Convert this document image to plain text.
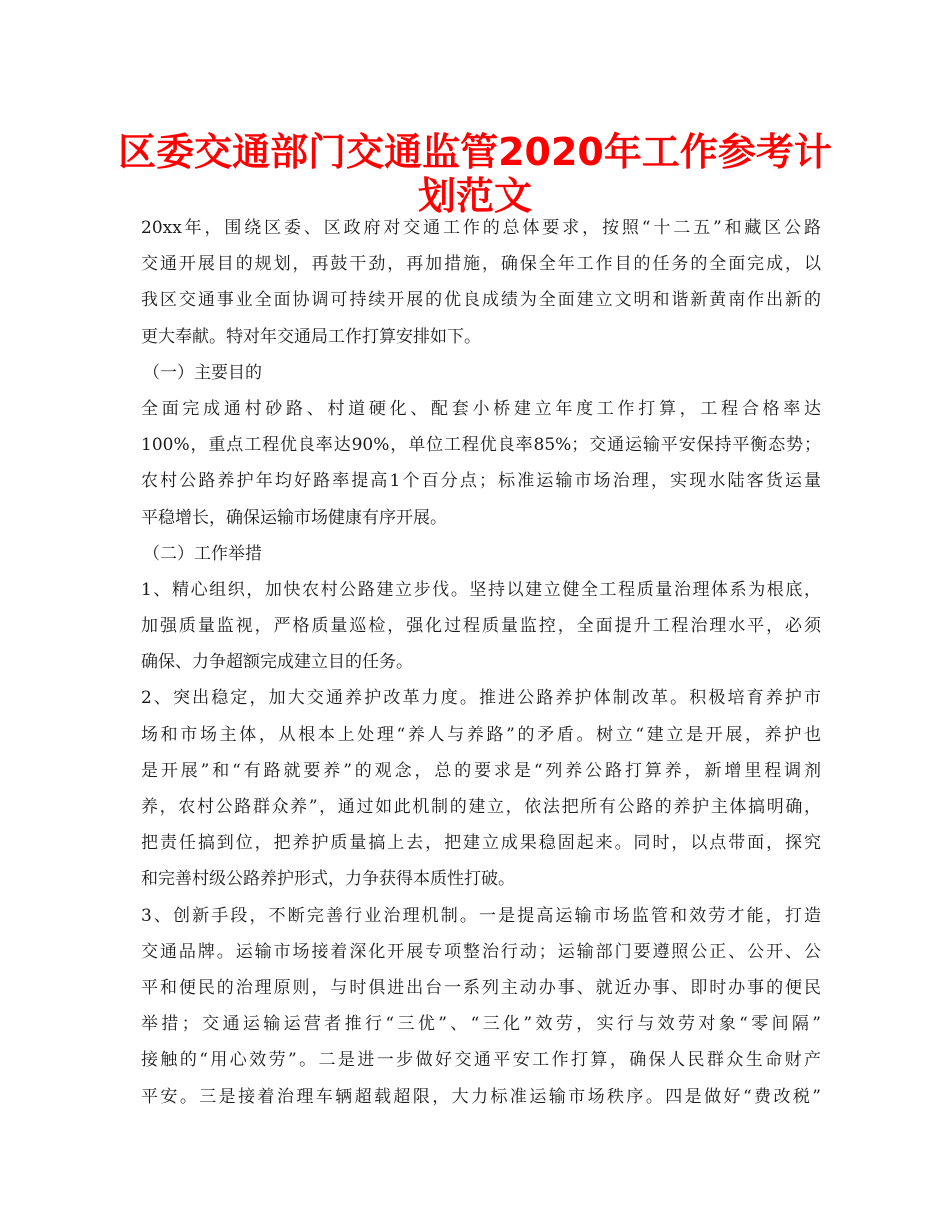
区委交通部门交通监管2020年工作参考计
划范文
20xx年，围绕区委、区政府对交通工作的总体要求，按照“十二五”和藏区公路
交通开展目的规划，再鼓干劲，再加措施，确保全年工作目的任务的全面完成，以
我区交通事业全面协调可持续开展的优良成绩为全面建立文明和谐新黄南作出新的
更大奉献。特对年交通局工作打算安排如下。
（一）主要目的
全面完成通村砂路、村道硬化、配套小桥建立年度工作打算，工程合格率达
100%，重点工程优良率达90%，单位工程优良率85%；交通运输平安保持平衡态势；
农村公路养护年均好路率提高1个百分点；标准运输市场治理，实现水陆客货运量
平稳增长，确保运输市场健康有序开展。
（二）工作举措
1、精心组织，加快农村公路建立步伐。坚持以建立健全工程质量治理体系为根底，
加强质量监视，严格质量巡检，强化过程质量监控，全面提升工程治理水平，必须
确保、力争超额完成建立目的任务。
2、突出稳定，加大交通养护改革力度。推进公路养护体制改革。积极培育养护市
场和市场主体，从根本上处理“养人与养路”的矛盾。树立“建立是开展，养护也
是开展”和“有路就要养”的观念，总的要求是“列养公路打算养，新增里程调剂
养，农村公路群众养”，通过如此机制的建立，依法把所有公路的养护主体搞明确，
把责任搞到位，把养护质量搞上去，把建立成果稳固起来。同时，以点带面，探究
和完善村级公路养护形式，力争获得本质性打破。
3、创新手段，不断完善行业治理机制。一是提高运输市场监管和效劳才能，打造
交通品牌。运输市场接着深化开展专项整治行动；运输部门要遵照公正、公开、公
平和便民的治理原则，与时俱进出台一系列主动办事、就近办事、即时办事的便民
举措；交通运输运营者推行“三优”、“三化”效劳，实行与效劳对象“零间隔”
接触的“用心效劳”。二是进一步做好交通平安工作打算，确保人民群众生命财产
平安。三是接着治理车辆超载超限，大力标准运输市场秩序。四是做好“费改税”
